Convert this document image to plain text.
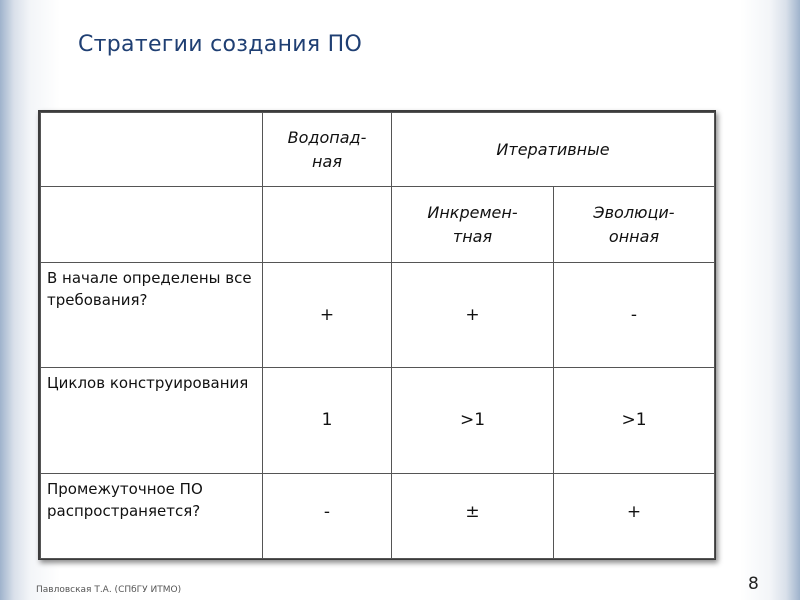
Стратегии создания ПО
	Водопад-ная	Итеративные	
		Инкремен-тная	Эволюци-онная
В начале определены все требования?	+	+	-
Циклов конструирования	1	>1	>1
Промежуточное ПО распространяется?	-	±	+
Павловская Т.А. (СПбГУ ИТМО)	8
